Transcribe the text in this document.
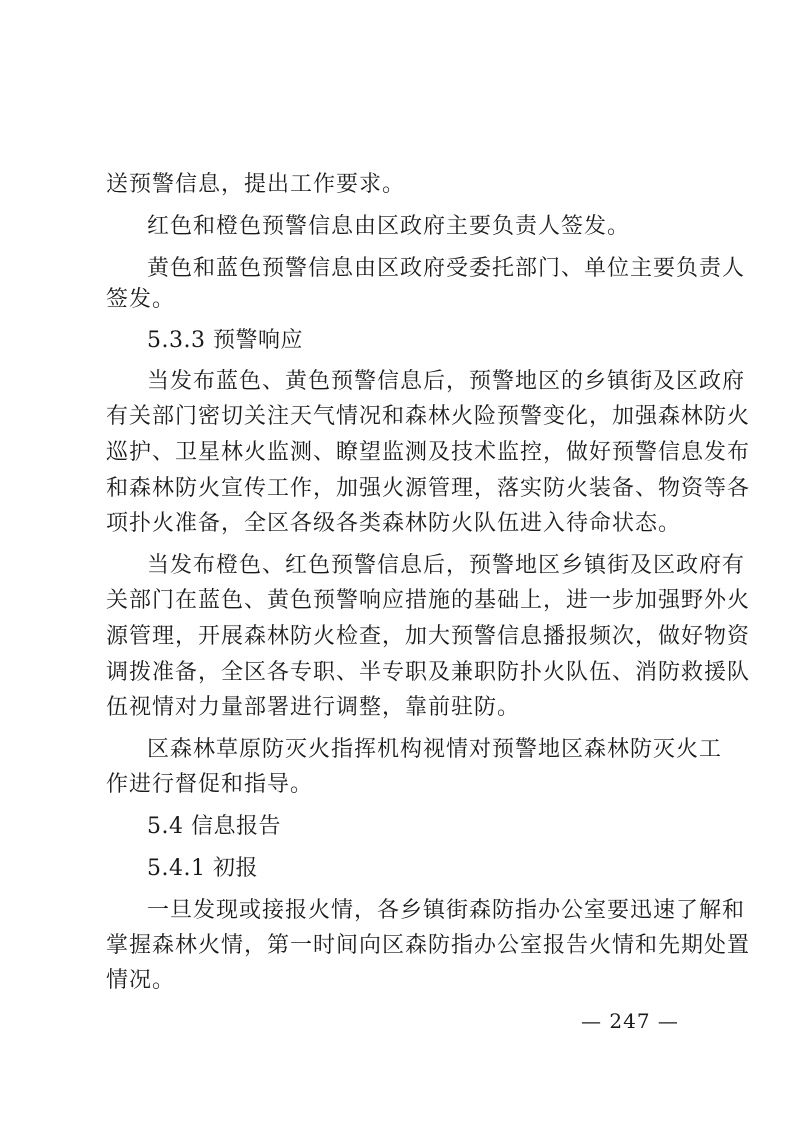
送预警信息，提出工作要求。

红色和橙色预警信息由区政府主要负责人签发。

黄色和蓝色预警信息由区政府受委托部门、单位主要负责人

签发。

5.3.3 预警响应

当发布蓝色、黄色预警信息后，预警地区的乡镇街及区政府

有关部门密切关注天气情况和森林火险预警变化，加强森林防火

巡护、卫星林火监测、瞭望监测及技术监控，做好预警信息发布

和森林防火宣传工作，加强火源管理，落实防火装备、物资等各

项扑火准备，全区各级各类森林防火队伍进入待命状态。

当发布橙色、红色预警信息后，预警地区乡镇街及区政府有

关部门在蓝色、黄色预警响应措施的基础上，进一步加强野外火

源管理，开展森林防火检查，加大预警信息播报频次，做好物资

调拨准备，全区各专职、半专职及兼职防扑火队伍、消防救援队

伍视情对力量部署进行调整，靠前驻防。

区森林草原防灭火指挥机构视情对预警地区森林防灭火工

作进行督促和指导。

5.4 信息报告

5.4.1 初报

一旦发现或接报火情，各乡镇街森防指办公室要迅速了解和

掌握森林火情，第一时间向区森防指办公室报告火情和先期处置

情况。

— 247 —
